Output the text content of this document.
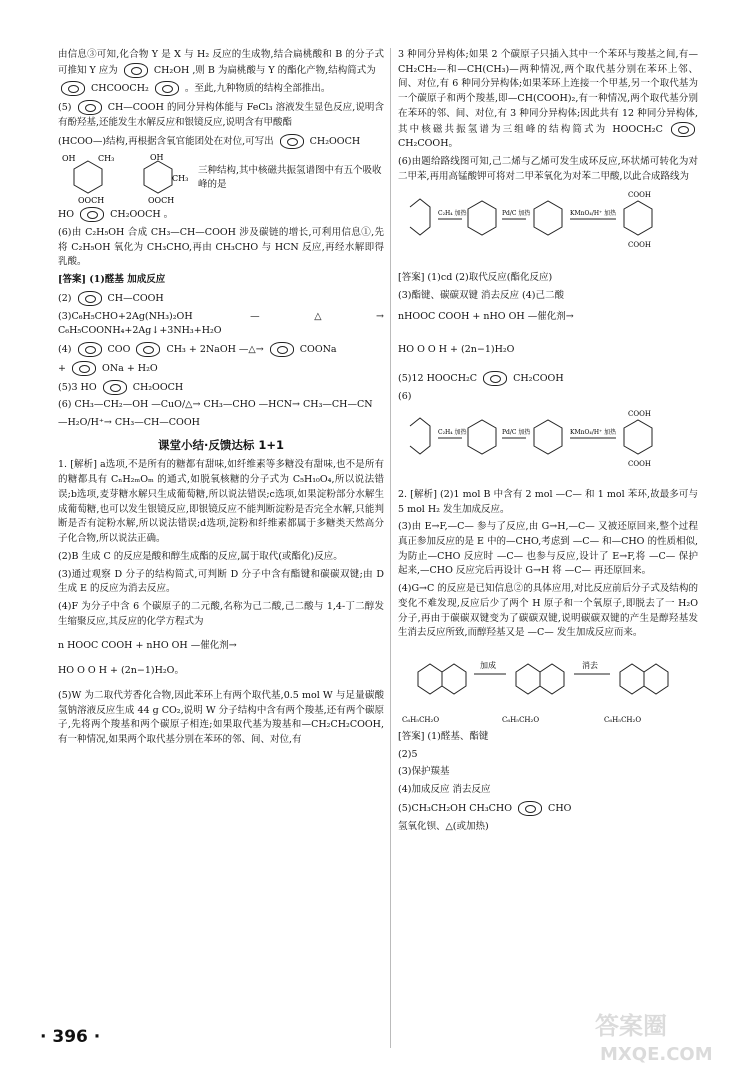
由信息③可知,化合物 Y 是 X 与 H₂ 反应的生成物,结合扁桃酸和 B 的分子式可推知 Y 应为	CH₂OH ,则 B 为扁桃酸与 Y 的酯化产物,结构简式为

CHCOOCH₂	。至此,九种物质的结构全部推出。

(5)	CH—COOH 的同分异构体能与 FeCl₃ 溶液发生显色反应,说明含有酚羟基,还能发生水解反应和银镜反应,说明含有甲酸酯

(HCOO—)结构,再根据含氧官能团处在对位,可写出	CH₂OOCH

OH	CH₃
OOCH
OH
CH₃
OOCH
三种结构,其中核磁共振氢谱图中有五个吸收峰的是

HO	CH₂OOCH 。

(6)由 C₂H₅OH 合成 CH₃—CH—COOH 涉及碳链的增长,可利用信息①,先将 C₂H₅OH 氧化为 CH₃CHO,再由 CH₃CHO 与 HCN 反应,再经水解即得乳酸。

[答案] (1)醛基 加成反应

(2)	CH—COOH

(3)C₆H₅CHO+2Ag(NH₃)₂OH —△→ C₆H₅COONH₄+2Ag↓+3NH₃+H₂O

(4)	COO	CH₃ + 2NaOH —△→	COONa

+	ONa + H₂O

(5)3 HO	CH₂OOCH

(6) CH₃—CH₂—OH —CuO/△→ CH₃—CHO —HCN→ CH₃—CH—CN

—H₂O/H⁺→ CH₃—CH—COOH

课堂小结·反馈达标 1+1

1. [解析] a选项,不是所有的糖都有甜味,如纤维素等多糖没有甜味,也不是所有的糖都具有 CₙH₂ₘOₘ 的通式,如脱氧核糖的分子式为 C₅H₁₀O₄,所以说法错误;b选项,麦芽糖水解只生成葡萄糖,所以说法错误;c选项,如果淀粉部分水解生成葡萄糖,也可以发生银镜反应,即银镜反应不能判断淀粉是否完全水解,只能判断是否有淀粉水解,所以说法错误;d选项,淀粉和纤维素都属于多糖类天然高分子化合物,所以说法正确。

(2)B 生成 C 的反应是酸和醇生成酯的反应,属于取代(或酯化)反应。

(3)通过观察 D 分子的结构简式,可判断 D 分子中含有酯键和碳碳双键;由 D 生成 E 的反应为消去反应。

(4)F 为分子中含 6 个碳原子的二元酸,名称为己二酸,己二酸与 1,4-丁二醇发生缩聚反应,其反应的化学方程式为

n HOOC COOH + nHO OH —催化剂→

HO O O H + (2n−1)H₂O。

(5)W 为二取代芳香化合物,因此苯环上有两个取代基,0.5 mol W 与足量碳酸氢钠溶液反应生成 44 g CO₂,说明 W 分子结构中含有两个羧基,还有两个碳原子,先将两个羧基和两个碳原子相连;如果取代基为羧基和—CH₂CH₂COOH,有一种情况,如果两个取代基分别在苯环的邻、间、对位,有

3 种同分异构体;如果 2 个碳原子只插入其中一个苯环与羧基之间,有—CH₂CH₂—和—CH(CH₃)—两种情况,两个取代基分别在苯环上邻、间、对位,有 6 种同分异构体;如果苯环上连接一个甲基,另一个取代基为一个碳原子和两个羧基,即—CH(COOH)₂,有一种情况,两个取代基分别在苯环的邻、间、对位,有 3 种同分异构体;因此共有 12 种同分异构体,其中核磁共振氢谱为三组峰的结构简式为 HOOCH₂C  CH₂COOH。

(6)由题给路线图可知,己二烯与乙烯可发生成环反应,环状烯可转化为对二甲苯,再用高锰酸钾可将对二甲苯氧化为对苯二甲酸,以此合成路线为

C₂H₄ 加热	Pd/C 加热	KMnO₄/H⁺ 加热
COOH
COOH

[答案] (1)cd (2)取代反应(酯化反应)

(3)酯键、碳碳双键 消去反应 (4)己二酸

nHOOC COOH + nHO OH —催化剂→

HO O O H + (2n−1)H₂O

(5)12 HOOCH₂C	CH₂COOH

(6)

C₂H₄ 加热	Pd/C 加热	KMnO₄/H⁺ 加热
COOH
COOH

2. [解析] (2)1 mol B 中含有 2 mol —C— 和 1 mol 苯环,故最多可与 5 mol H₂ 发生加成反应。

(3)由 E→F,—C— 参与了反应,由 G→H,—C— 又被还原回来,整个过程真正参加反应的是 E 中的—CHO,考虑到 —C— 和—CHO 的性质相似,为防止—CHO 反应时 —C— 也参与反应,设计了 E→F,将 —C— 保护起来,—CHO 反应完后再设计 G→H 将 —C— 再还原回来。

(4)G→C 的反应是已知信息②的具体应用,对比反应前后分子式及结构的变化不难发现,反应后少了两个 H 原子和一个氧原子,即脱去了一 H₂O 分子,再由于碳碳双键变为了碳碳双键,说明碳碳双键的产生是醇羟基发生消去反应所致,而醇羟基又是 —C— 发生加成反应而来。

加成	消去
C₆H₅CH₂O	C₆H₅CH₂O	C₆H₅CH₂O

[答案] (1)醛基、酯键

(2)5

(3)保护羰基

(4)加成反应 消去反应

(5)CH₃CH₂OH CH₃CHO	CHO

氢氧化钡、△(或加热)

· 396 ·	答案圈
MXQE.COM
